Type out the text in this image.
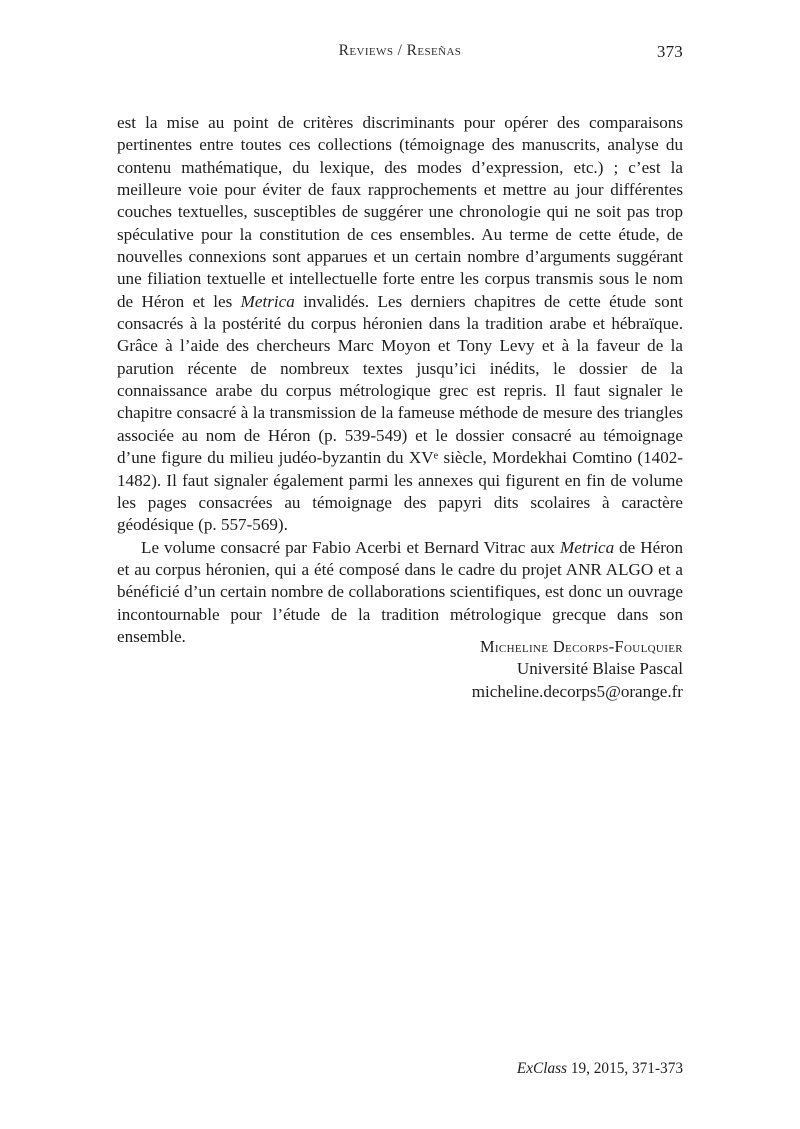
Reviews / Reseñas	373

est la mise au point de critères discriminants pour opérer des comparaisons pertinentes entre toutes ces collections (témoignage des manuscrits, analyse du contenu mathématique, du lexique, des modes d’expression, etc.) ; c’est la meilleure voie pour éviter de faux rapprochements et mettre au jour différentes couches textuelles, susceptibles de suggérer une chronologie qui ne soit pas trop spéculative pour la constitution de ces ensembles. Au terme de cette étude, de nouvelles connexions sont apparues et un certain nombre d’arguments suggérant une filiation textuelle et intellectuelle forte entre les corpus transmis sous le nom de Héron et les Metrica invalidés. Les derniers chapitres de cette étude sont consacrés à la postérité du corpus héronien dans la tradition arabe et hébraïque. Grâce à l’aide des chercheurs Marc Moyon et Tony Levy et à la faveur de la parution récente de nombreux textes jusqu’ici inédits, le dossier de la connaissance arabe du corpus métrologique grec est repris. Il faut signaler le chapitre consacré à la transmission de la fameuse méthode de mesure des triangles associée au nom de Héron (p. 539-549) et le dossier consacré au témoignage d’une figure du milieu judéo-byzantin du XVe siècle, Mordekhai Comtino (1402-1482). Il faut signaler également parmi les annexes qui figurent en fin de volume les pages consacrées au témoignage des papyri dits scolaires à caractère géodésique (p. 557-569).

Le volume consacré par Fabio Acerbi et Bernard Vitrac aux Metrica de Héron et au corpus héronien, qui a été composé dans le cadre du projet ANR ALGO et a bénéficié d’un certain nombre de collaborations scientifiques, est donc un ouvrage incontournable pour l’étude de la tradition métrologique grecque dans son ensemble.

Micheline Decorps-Foulquier
Université Blaise Pascal
micheline.decorps5@orange.fr
ExClass 19, 2015, 371-373
